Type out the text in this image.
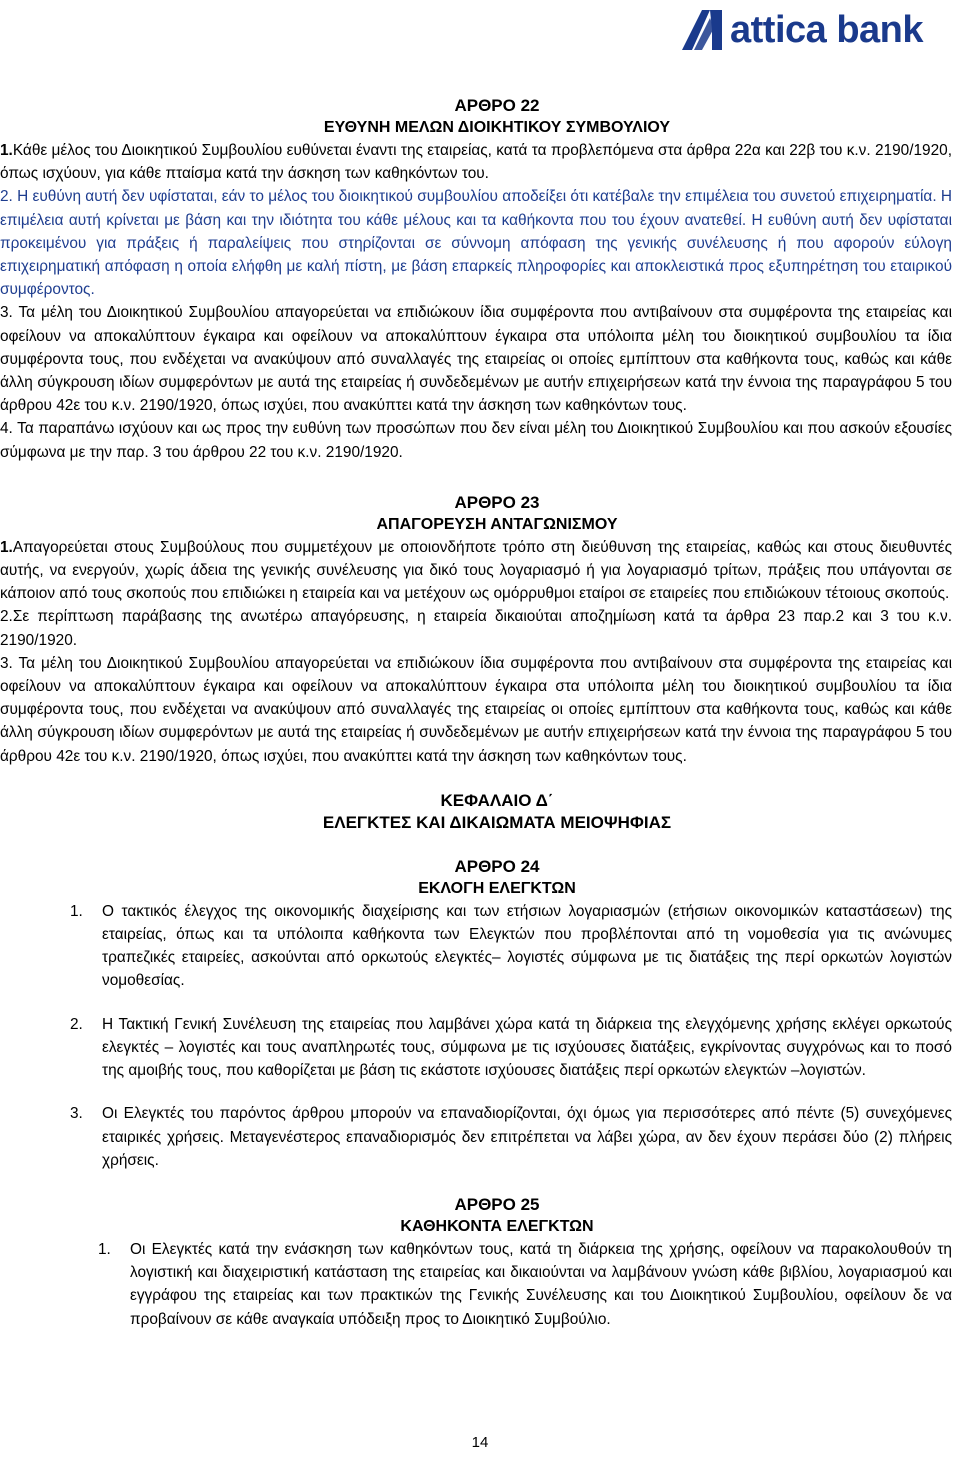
attica bank
ΑΡΘΡΟ 22
ΕΥΘΥΝΗ ΜΕΛΩΝ ΔΙΟΙΚΗΤΙΚΟΥ ΣΥΜΒΟΥΛΙΟΥ

1.Κάθε μέλος του Διοικητικού Συμβουλίου ευθύνεται έναντι της εταιρείας, κατά τα προβλεπόμενα στα άρθρα 22α και 22β του κ.ν. 2190/1920, όπως ισχύουν, για κάθε πταίσμα κατά την άσκηση των καθηκόντων του.

2. Η ευθύνη αυτή δεν υφίσταται, εάν το μέλος του διοικητικού συμβουλίου αποδείξει ότι κατέβαλε την επιμέλεια του συνετού επιχειρηματία. Η επιμέλεια αυτή κρίνεται με βάση και την ιδιότητα του κάθε μέλους και τα καθήκοντα που του έχουν ανατεθεί. Η ευθύνη αυτή δεν υφίσταται προκειμένου για πράξεις ή παραλείψεις που στηρίζονται σε σύννομη απόφαση της γενικής συνέλευσης ή που αφορούν εύλογη επιχειρηματική απόφαση η οποία ελήφθη με καλή πίστη, με βάση επαρκείς πληροφορίες και αποκλειστικά προς εξυπηρέτηση του εταιρικού συμφέροντος.

3. Τα μέλη του Διοικητικού Συμβουλίου απαγορεύεται να επιδιώκουν ίδια συμφέροντα που αντιβαίνουν στα συμφέροντα της εταιρείας και οφείλουν να αποκαλύπτουν έγκαιρα και οφείλουν να αποκαλύπτουν έγκαιρα στα υπόλοιπα μέλη του διοικητικού συμβουλίου τα ίδια συμφέροντα τους, που ενδέχεται να ανακύψουν από συναλλαγές της εταιρείας οι οποίες εμπίπτουν στα καθήκοντα τους, καθώς και κάθε άλλη σύγκρουση ιδίων συμφερόντων με αυτά της εταιρείας ή συνδεδεμένων με αυτήν επιχειρήσεων κατά την έννοια της παραγράφου 5 του άρθρου 42ε του κ.ν. 2190/1920, όπως ισχύει, που ανακύπτει κατά την άσκηση των καθηκόντων τους.

4. Τα παραπάνω ισχύουν και ως προς την ευθύνη των προσώπων που δεν είναι μέλη του Διοικητικού Συμβουλίου και που ασκούν εξουσίες σύμφωνα με την παρ. 3 του άρθρου 22 του κ.ν. 2190/1920.

ΑΡΘΡΟ 23
ΑΠΑΓΟΡΕΥΣΗ ΑΝΤΑΓΩΝΙΣΜΟΥ

1.Απαγορεύεται στους Συμβούλους που συμμετέχουν με οποιονδήποτε τρόπο στη διεύθυνση της εταιρείας, καθώς και στους διευθυντές αυτής, να ενεργούν, χωρίς άδεια της γενικής συνέλευσης για δικό τους λογαριασμό ή για λογαριασμό τρίτων, πράξεις που υπάγονται σε κάποιον από τους σκοπούς που επιδιώκει η εταιρεία και να μετέχουν ως ομόρρυθμοι εταίροι σε εταιρείες που επιδιώκουν τέτοιους σκοπούς.

2.Σε περίπτωση παράβασης της ανωτέρω απαγόρευσης, η εταιρεία δικαιούται αποζημίωση κατά τα άρθρα 23 παρ.2 και 3 του κ.ν. 2190/1920.

3. Τα μέλη του Διοικητικού Συμβουλίου απαγορεύεται να επιδιώκουν ίδια συμφέροντα που αντιβαίνουν στα συμφέροντα της εταιρείας και οφείλουν να αποκαλύπτουν έγκαιρα και οφείλουν να αποκαλύπτουν έγκαιρα στα υπόλοιπα μέλη του διοικητικού συμβουλίου τα ίδια συμφέροντα τους, που ενδέχεται να ανακύψουν από συναλλαγές της εταιρείας οι οποίες εμπίπτουν στα καθήκοντα τους, καθώς και κάθε άλλη σύγκρουση ιδίων συμφερόντων με αυτά της εταιρείας ή συνδεδεμένων με αυτήν επιχειρήσεων κατά την έννοια της παραγράφου 5 του άρθρου 42ε του κ.ν. 2190/1920, όπως ισχύει, που ανακύπτει κατά την άσκηση των καθηκόντων τους.

ΚΕΦΑΛΑΙΟ Δ΄
ΕΛΕΓΚΤΕΣ ΚΑΙ ΔΙΚΑΙΩΜΑΤΑ ΜΕΙΟΨΗΦΙΑΣ
ΑΡΘΡΟ 24
ΕΚΛΟΓΗ ΕΛΕΓΚΤΩΝ
1.	Ο τακτικός έλεγχος της οικονομικής διαχείρισης και των ετήσιων λογαριασμών (ετήσιων οικονομικών καταστάσεων) της εταιρείας, όπως και τα υπόλοιπα καθήκοντα των Ελεγκτών που προβλέπονται από τη νομοθεσία για τις ανώνυμες τραπεζικές εταιρείες, ασκούνται από ορκωτούς ελεγκτές– λογιστές σύμφωνα με τις διατάξεις της περί ορκωτών λογιστών νομοθεσίας.
2.	Η Τακτική Γενική Συνέλευση της εταιρείας που λαμβάνει χώρα κατά τη διάρκεια της ελεγχόμενης χρήσης εκλέγει ορκωτούς ελεγκτές – λογιστές και τους αναπληρωτές τους, σύμφωνα με τις ισχύουσες διατάξεις, εγκρίνοντας συγχρόνως και το ποσό της αμοιβής τους, που καθορίζεται με βάση τις εκάστοτε ισχύουσες διατάξεις περί ορκωτών ελεγκτών –λογιστών.
3.	Οι Ελεγκτές του παρόντος άρθρου μπορούν να επαναδιορίζονται, όχι όμως για περισσότερες από πέντε (5) συνεχόμενες εταιρικές χρήσεις. Μεταγενέστερος επαναδιορισμός δεν επιτρέπεται να λάβει χώρα, αν δεν έχουν περάσει δύο (2) πλήρεις χρήσεις.
ΑΡΘΡΟ 25
ΚΑΘΗΚΟΝΤΑ ΕΛΕΓΚΤΩΝ
1.	Οι Ελεγκτές κατά την ενάσκηση των καθηκόντων τους, κατά τη διάρκεια της χρήσης, οφείλουν να παρακολουθούν τη λογιστική και διαχειριστική κατάσταση της εταιρείας και δικαιούνται να λαμβάνουν γνώση κάθε βιβλίου, λογαριασμού και εγγράφου της εταιρείας και των πρακτικών της Γενικής Συνέλευσης και του Διοικητικού Συμβουλίου, οφείλουν δε να προβαίνουν σε κάθε αναγκαία υπόδειξη προς το Διοικητικό Συμβούλιο.
14
